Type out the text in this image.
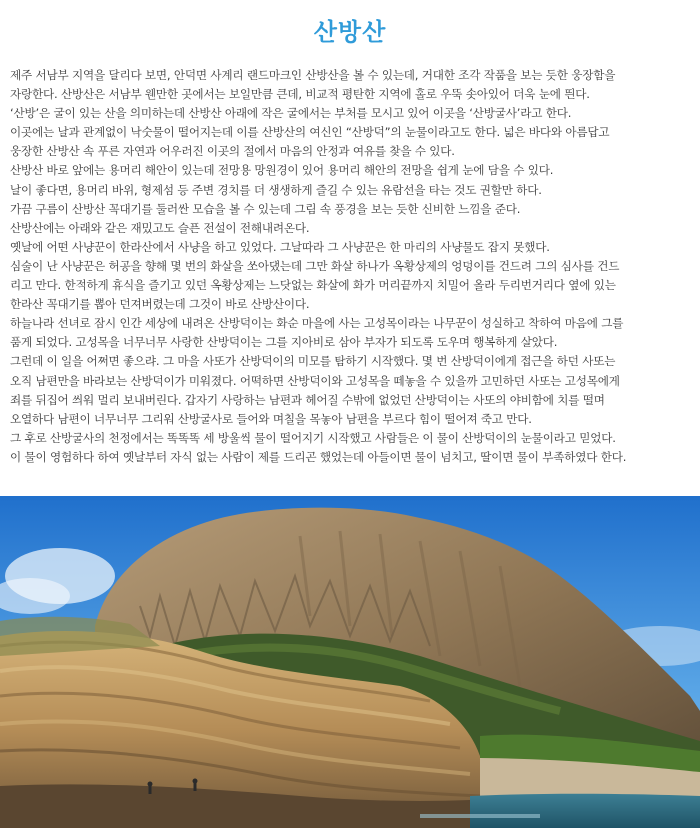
산방산
제주 서남부 지역을 달리다 보면, 안덕면 사계리 랜드마크인 산방산을 볼 수 있는데, 거대한 조각 작품을 보는 듯한 웅장함을
자랑한다. 산방산은 서남부 웬만한 곳에서는 보일만큼 큰데, 비교적 평탄한 지역에 홀로 우뚝 솟아있어 더욱 눈에 띈다.
‘산방’은 굴이 있는 산을 의미하는데 산방산 아래에 작은 굴에서는 부처를 모시고 있어 이곳을 ‘산방굴사’라고 한다.
이곳에는 날과 관계없이 낙숫물이 떨어지는데 이를 산방산의 여신인 “산방덕”의 눈물이라고도 한다. 넓은 바다와 아름답고
웅장한 산방산 속 푸른 자연과 어우러진 이곳의 절에서 마음의 안정과 여유를 찾을 수 있다.
산방산 바로 앞에는 용머리 해안이 있는데 전망용 망원경이 있어 용머리 해안의 전망을 쉽게 눈에 담을 수 있다.
날이 좋다면, 용머리 바위, 형제섬 등 주변 경치를 더 생생하게 즐길 수 있는 유람선을 타는 것도 권할만 하다.
가끔 구름이 산방산 꼭대기를 둘러싼 모습을 볼 수 있는데 그림 속 풍경을 보는 듯한 신비한 느낌을 준다.
산방산에는 아래와 같은 재밌고도 슬픈 전설이 전해내려온다.
옛날에 어떤 사냥꾼이 한라산에서 사냥을 하고 있었다. 그날따라 그 사냥꾼은 한 마리의 사냥물도 잡지 못했다.
심술이 난 사냥꾼은 허공을 향해 몇 번의 화살을 쏘아댔는데 그만 화살 하나가 옥황상제의 엉덩이를 건드려 그의 심사를 건드
리고 만다. 한적하게 휴식을 즐기고 있던 옥황상제는 느닷없는 화살에 화가 머리끝까지 치밀어 올라 두리번거리다 옆에 있는
한라산 꼭대기를 뽑아 던져버렸는데 그것이 바로 산방산이다.
하늘나라 선녀로 잠시 인간 세상에 내려온 산방덕이는 화순 마을에 사는 고성목이라는 나무꾼이 성실하고 착하여 마음에 그를
품게 되었다. 고성목을 너무너무 사랑한 산방덕이는 그를 지아비로 삼아 부자가 되도록 도우며 행복하게 살았다.
그런데 이 일을 어쩌면 좋으랴. 그 마을 사또가 산방덕이의 미모를 탐하기 시작했다. 몇 번 산방덕이에게 접근을 하던 사또는
오직 남편만을 바라보는 산방덕이가 미워졌다. 어떡하면 산방덕이와 고성목을 떼놓을 수 있을까 고민하던 사또는 고성목에게
죄를 뒤집어 씌워 멀리 보내버린다. 갑자기 사랑하는 남편과 헤어질 수밖에 없었던 산방덕이는 사또의 야비함에 치를 떨며
오열하다 남편이 너무너무 그리워 산방굴사로 들어와 며칠을 목놓아 남편을 부르다 힘이 떨어져 죽고 만다.
그 후로 산방굴사의 천정에서는 똑똑똑 세 방울씩 물이 떨어지기 시작했고 사람들은 이 물이 산방덕이의 눈물이라고 믿었다.
이 물이 영험하다 하여 옛날부터 자식 없는 사람이 제를 드리곤 했었는데 아들이면 물이 넘치고, 딸이면 물이 부족하였다 한다.
